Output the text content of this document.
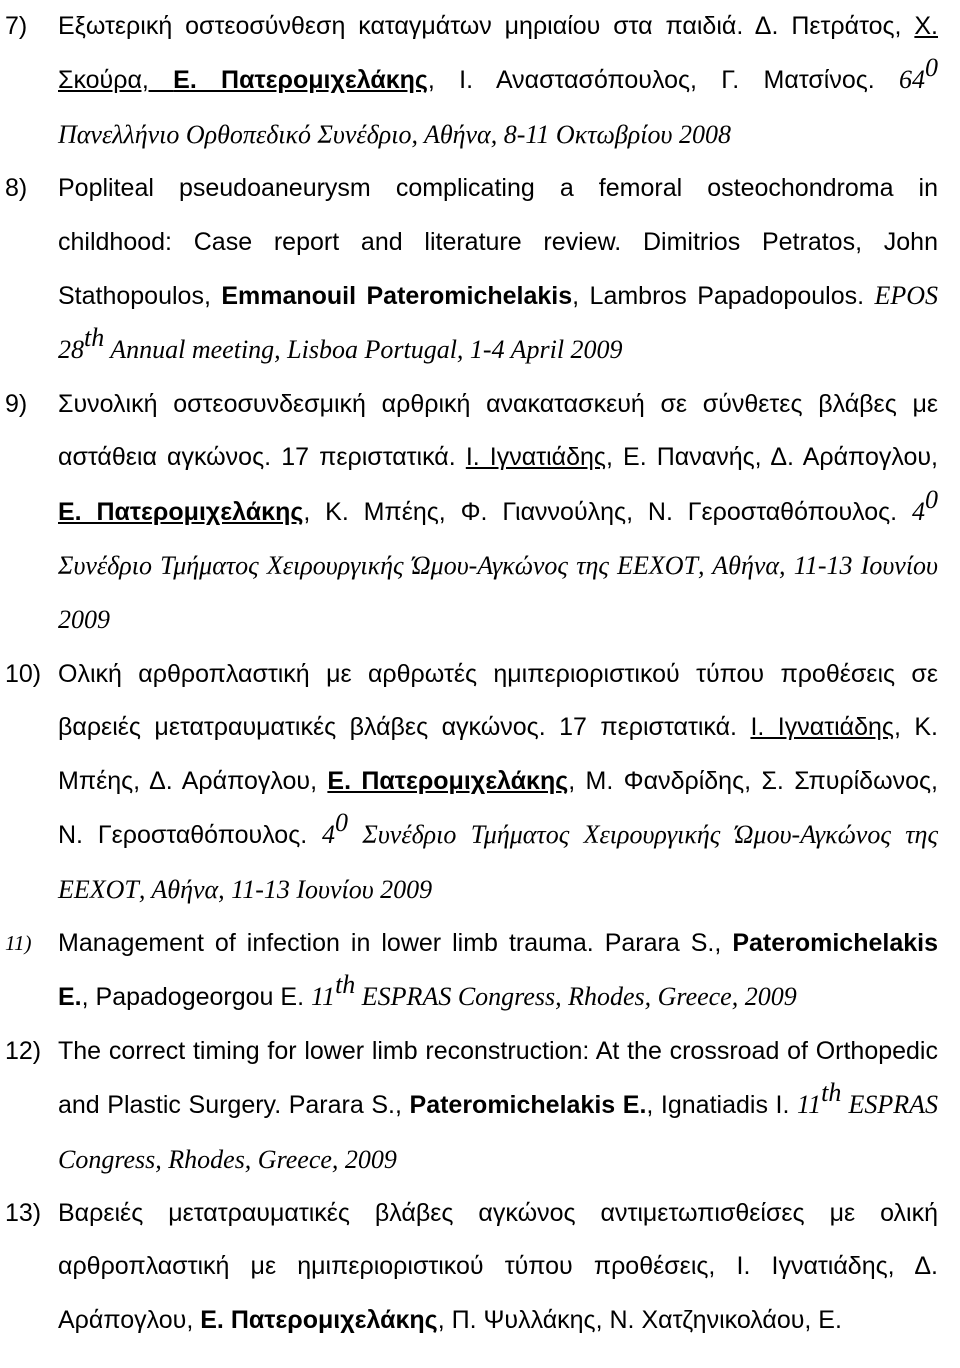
7) Εξωτερική οστεοσύνθεση καταγμάτων μηριαίου στα παιδιά. Δ. Πετράτος, Χ. Σκούρα, Ε. Πατερομιχελάκης, Ι. Αναστασόπουλος, Γ. Ματσίνος. $64^0$ Πανελλήνιο Ορθοπεδικό Συνέδριο, Αθήνα, 8-11 Οκτωβρίου 2008
8) Popliteal pseudoaneurysm complicating a femoral osteochondroma in childhood: Case report and literature review. Dimitrios Petratos, John Stathopoulos, Emmanouil Pateromichelakis, Lambros Papadopoulos. EPOS 28th Annual meeting, Lisboa Portugal, 1-4 April 2009
9) Συνολική οστεοσυνδεσμική αρθρική ανακατασκευή σε σύνθετες βλάβες με αστάθεια αγκώνος. 17 περιστατικά. Ι. Ιγνατιάδης, Ε. Πανανής, Δ. Αράπογλου, Ε. Πατερομιχελάκης, Κ. Μπέης, Φ. Γιαννούλης, Ν. Γεροσταθόπουλος. $4^0$ Συνέδριο Τμήματος Χειρουργικής Ώμου-Αγκώνος της ΕΕΧΟΤ, Αθήνα, 11-13 Ιουνίου 2009
10) Ολική αρθροπλαστική με αρθρωτές ημιπεριοριστικού τύπου προθέσεις σε βαρειές μετατραυματικές βλάβες αγκώνος. 17 περιστατικά. Ι. Ιγνατιάδης, Κ. Μπέης, Δ. Αράπογλου, Ε. Πατερομιχελάκης, Μ. Φανδρίδης, Σ. Σπυρίδωνος, Ν. Γεροσταθόπουλος. $4^0$ Συνέδριο Τμήματος Χειρουργικής Ώμου-Αγκώνος της ΕΕΧΟΤ, Αθήνα, 11-13 Ιουνίου 2009
11) Management of infection in lower limb trauma. Parara S., Pateromichelakis E., Papadogeorgou E. 11th ESPRAS Congress, Rhodes, Greece, 2009
12) The correct timing for lower limb reconstruction: At the crossroad of Orthopedic and Plastic Surgery. Parara S., Pateromichelakis E., Ignatiadis I. 11th ESPRAS Congress, Rhodes, Greece, 2009
13) Βαρειές μετατραυματικές βλάβες αγκώνος αντιμετωπισθείσες με ολική αρθροπλαστική με ημιπεριοριστικού τύπου προθέσεις, Ι. Ιγνατιάδης, Δ. Αράπογλου, Ε. Πατερομιχελάκης, Π. Ψυλλάκης, Ν. Χατζηνικολάου, Ε.
